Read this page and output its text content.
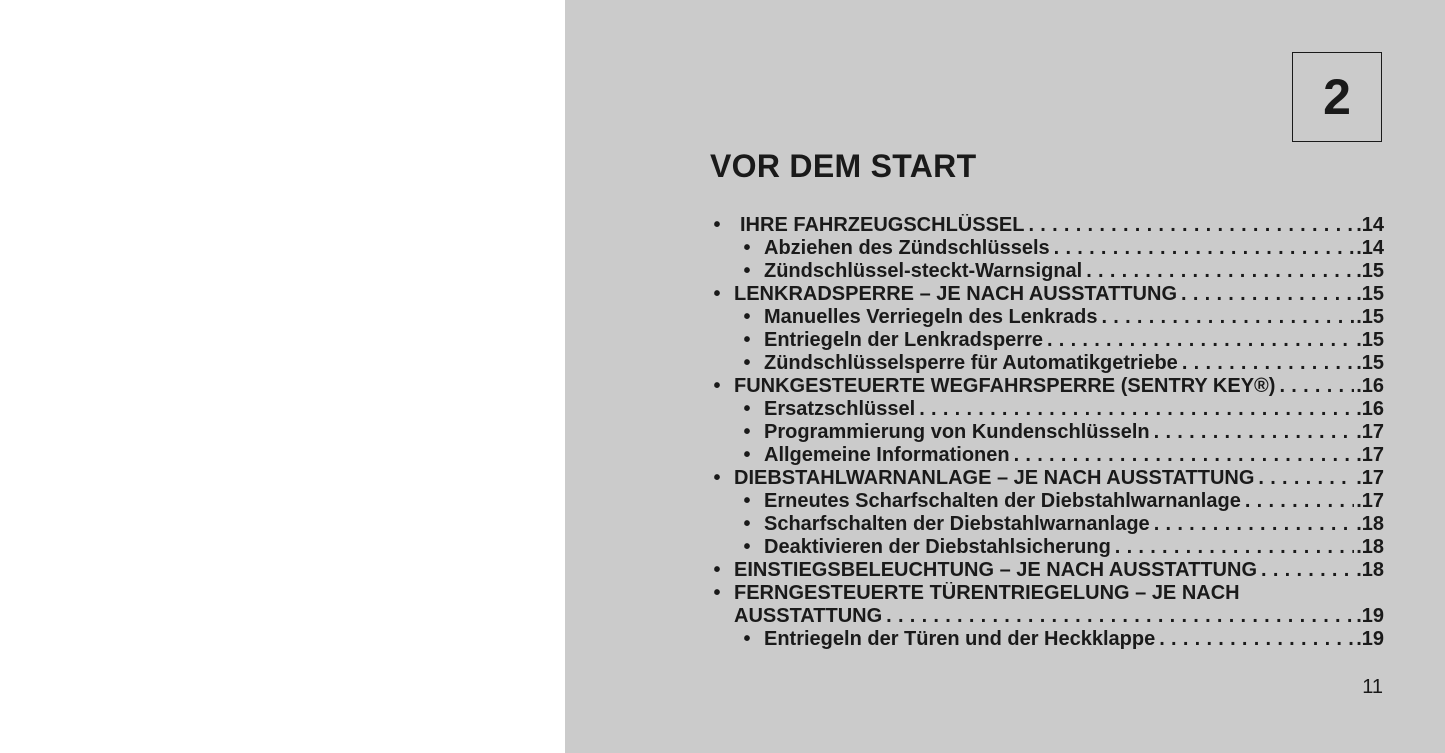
2
VOR DEM START
• IHRE FAHRZEUGSCHLÜSSEL . . .	.14
• Abziehen des Zündschlüssels . . .	.14
• Zündschlüssel-steckt-Warnsignal . . .	.15
• LENKRADSPERRE – JE NACH AUSSTATTUNG . . .	.15
• Manuelles Verriegeln des Lenkrads . . .	.15
• Entriegeln der Lenkradsperre . . .	.15
• Zündschlüsselsperre für Automatikgetriebe . . .	.15
• FUNKGESTEUERTE WEGFAHRSPERRE (SENTRY KEY®) . . .	.16
• Ersatzschlüssel . . .	.16
• Programmierung von Kundenschlüsseln . . .	.17
• Allgemeine Informationen . . .	.17
• DIEBSTAHLWARNANLAGE – JE NACH AUSSTATTUNG . . .	.17
• Erneutes Scharfschalten der Diebstahlwarnanlage . . .	.17
• Scharfschalten der Diebstahlwarnanlage . . .	.18
• Deaktivieren der Diebstahlsicherung . . .	.18
• EINSTIEGSBELEUCHTUNG – JE NACH AUSSTATTUNG . . .	.18
• FERNGESTEUERTE TÜRENTRIEGELUNG – JE NACH
AUSSTATTUNG . . .	.19
• Entriegeln der Türen und der Heckklappe . . .	.19
11
